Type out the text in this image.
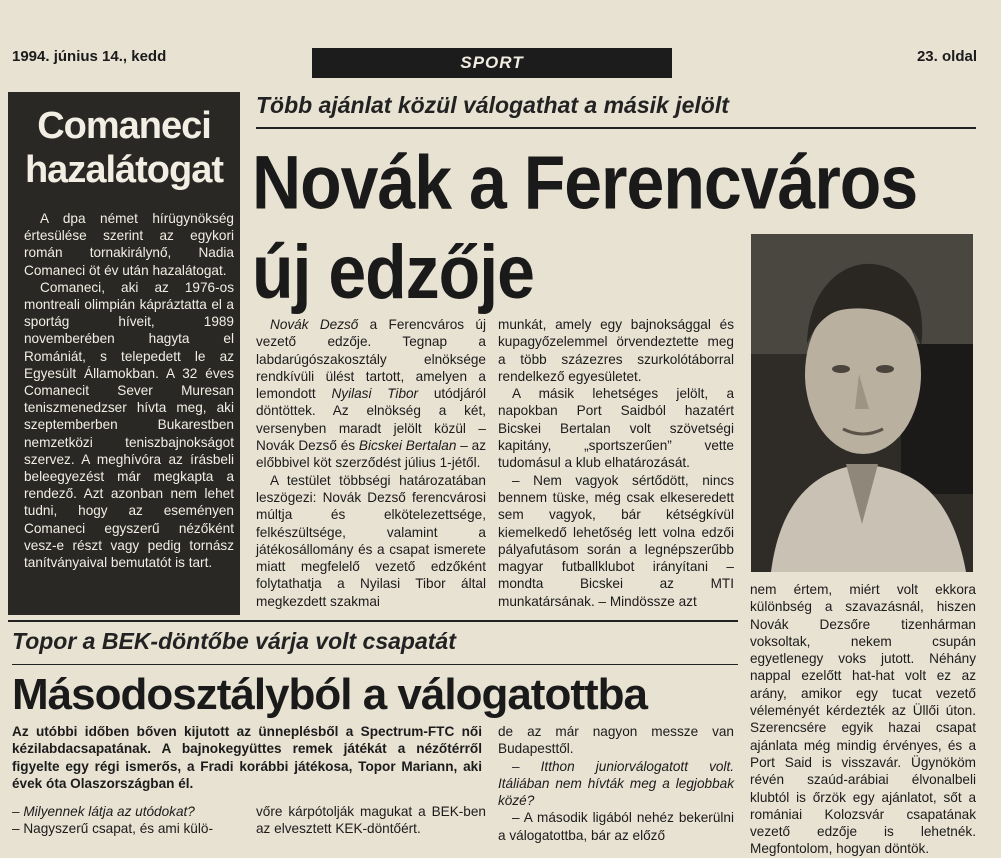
1994. június 14., kedd	SPORT	23. oldal
Comaneci
hazalátogat

A dpa német hírügynökség értesülése szerint az egykori román tornakirálynő, Nadia Comaneci öt év után hazalátogat.

Comaneci, aki az 1976-os montreali olimpián kápráztatta el a sportág híveit, 1989 novemberében hagyta el Romániát, s telepedett le az Egyesült Államokban. A 32 éves Comanecit Sever Muresan teniszmenedzser hívta meg, aki szeptemberben Bukarestben nemzetközi teniszbajnokságot szervez. A meghívóra az írásbeli beleegyezést már megkapta a rendező. Azt azonban nem lehet tudni, hogy az eseményen Comaneci egyszerű nézőként vesz-e részt vagy pedig tornász tanítványaival bemutatót is tart.

Több ajánlat közül válogathat a másik jelölt
Novák a Ferencváros
új edzője

Novák Dezső a Ferencváros új vezető edzője. Tegnap a labdarúgószakosztály elnöksége rendkívüli ülést tartott, amelyen a lemondott Nyilasi Tibor utódjáról döntöttek. Az elnökség a két, versenyben maradt jelölt közül – Novák Dezső és Bicskei Bertalan – az előbbivel köt szerződést július 1-jétől.

A testület többségi határozatában leszögezi: Novák Dezső ferencvárosi múltja és elkötelezettsége, felkészültsége, valamint a játékosállomány és a csapat ismerete miatt megfelelő vezető edzőként folytathatja a Nyilasi Tibor által megkezdett szakmai

munkát, amely egy bajnoksággal és kupagyőzelemmel örvendeztette meg a több százezres szurkolótáborral rendelkező egyesületet.

A másik lehetséges jelölt, a napokban Port Saidból hazatért Bicskei Bertalan volt szövetségi kapitány, „sportszerűen” vette tudomásul a klub elhatározását.

– Nem vagyok sértődött, nincs bennem tüske, még csak elkeseredett sem vagyok, bár kétségkívül kiemelkedő lehetőség lett volna edzői pályafutásom során a legnépszerűbb magyar futballklubot irányítani – mondta Bicskei az MTI munkatársának. – Mindössze azt

nem értem, miért volt ekkora különbség a szavazásnál, hiszen Novák Dezsőre tizenhárman voksoltak, nekem csupán egyetlenegy voks jutott. Néhány nappal ezelőtt hat-hat volt ez az arány, amikor egy tucat vezető véleményét kérdezték az Üllői úton. Szerencsére egyik hazai csapat ajánlata még mindig érvényes, és a Port Said is visszavár. Ügynököm révén szaúd-arábiai élvonalbeli klubtól is őrzök egy ajánlatot, sőt a romániai Kolozsvár csapatának vezető edzője is lehetnék. Megfontolom, hogyan döntök.

Topor a BEK-döntőbe várja volt csapatát
Másodosztályból a válogatottba
Az utóbbi időben bőven kijutott az ünneplésből a Spectrum-FTC női kézilabdacsapatának. A bajnokegyüttes remek játékát a nézőtérről figyelte egy régi ismerős, a Fradi korábbi játékosa, Topor Mariann, aki évek óta Olaszországban él.

– Milyennek látja az utódokat?

– Nagyszerű csapat, és ami külö-

vőre kárpótolják magukat a BEK-ben az elvesztett KEK-döntőért.

de az már nagyon messze van Budapesttől.

– Itthon juniorválogatott volt. Itáliában nem hívták meg a legjobbak közé?

– A második ligából nehéz bekerülni a válogatottba, bár az előző
